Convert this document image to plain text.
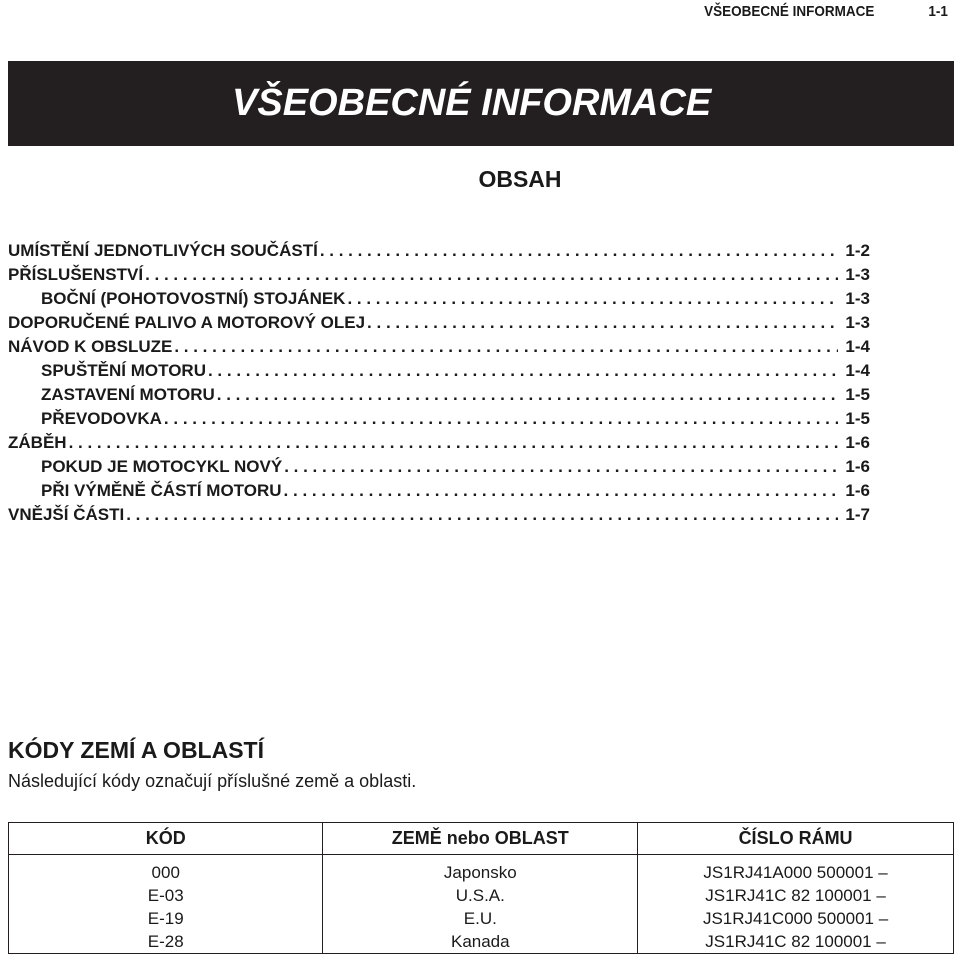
VŠEOBECNÉ INFORMACE	1-1
VŠEOBECNÉ INFORMACE
OBSAH
UMÍSTĚNÍ JEDNOTLIVÝCH SOUČÁSTÍ . . .	1-2
PŘÍSLUŠENSTVÍ . . .	1-3
BOČNÍ (POHOTOVOSTNÍ) STOJÁNEK . . .	1-3
DOPORUČENÉ PALIVO A MOTOROVÝ OLEJ . . .	1-3
NÁVOD K OBSLUZE . . .	1-4
SPUŠTĚNÍ MOTORU . . .	1-4
ZASTAVENÍ MOTORU . . .	1-5
PŘEVODOVKA . . .	1-5
ZÁBĚH . . .	1-6
POKUD JE MOTOCYKL NOVÝ . . .	1-6
PŘI VÝMĚNĚ ČÁSTÍ MOTORU . . .	1-6
VNĚJŠÍ ČÁSTI . . .	1-7
KÓDY ZEMÍ A OBLASTÍ
Následující kódy označují příslušné země a oblasti.
KÓD	ZEMĚ nebo OBLAST	ČÍSLO RÁMU
000	Japonsko	JS1RJ41A000 500001 –
E-03	U.S.A.	JS1RJ41C 82 100001 –
E-19	E.U.	JS1RJ41C000 500001 –
E-28	Kanada	JS1RJ41C 82 100001 –
